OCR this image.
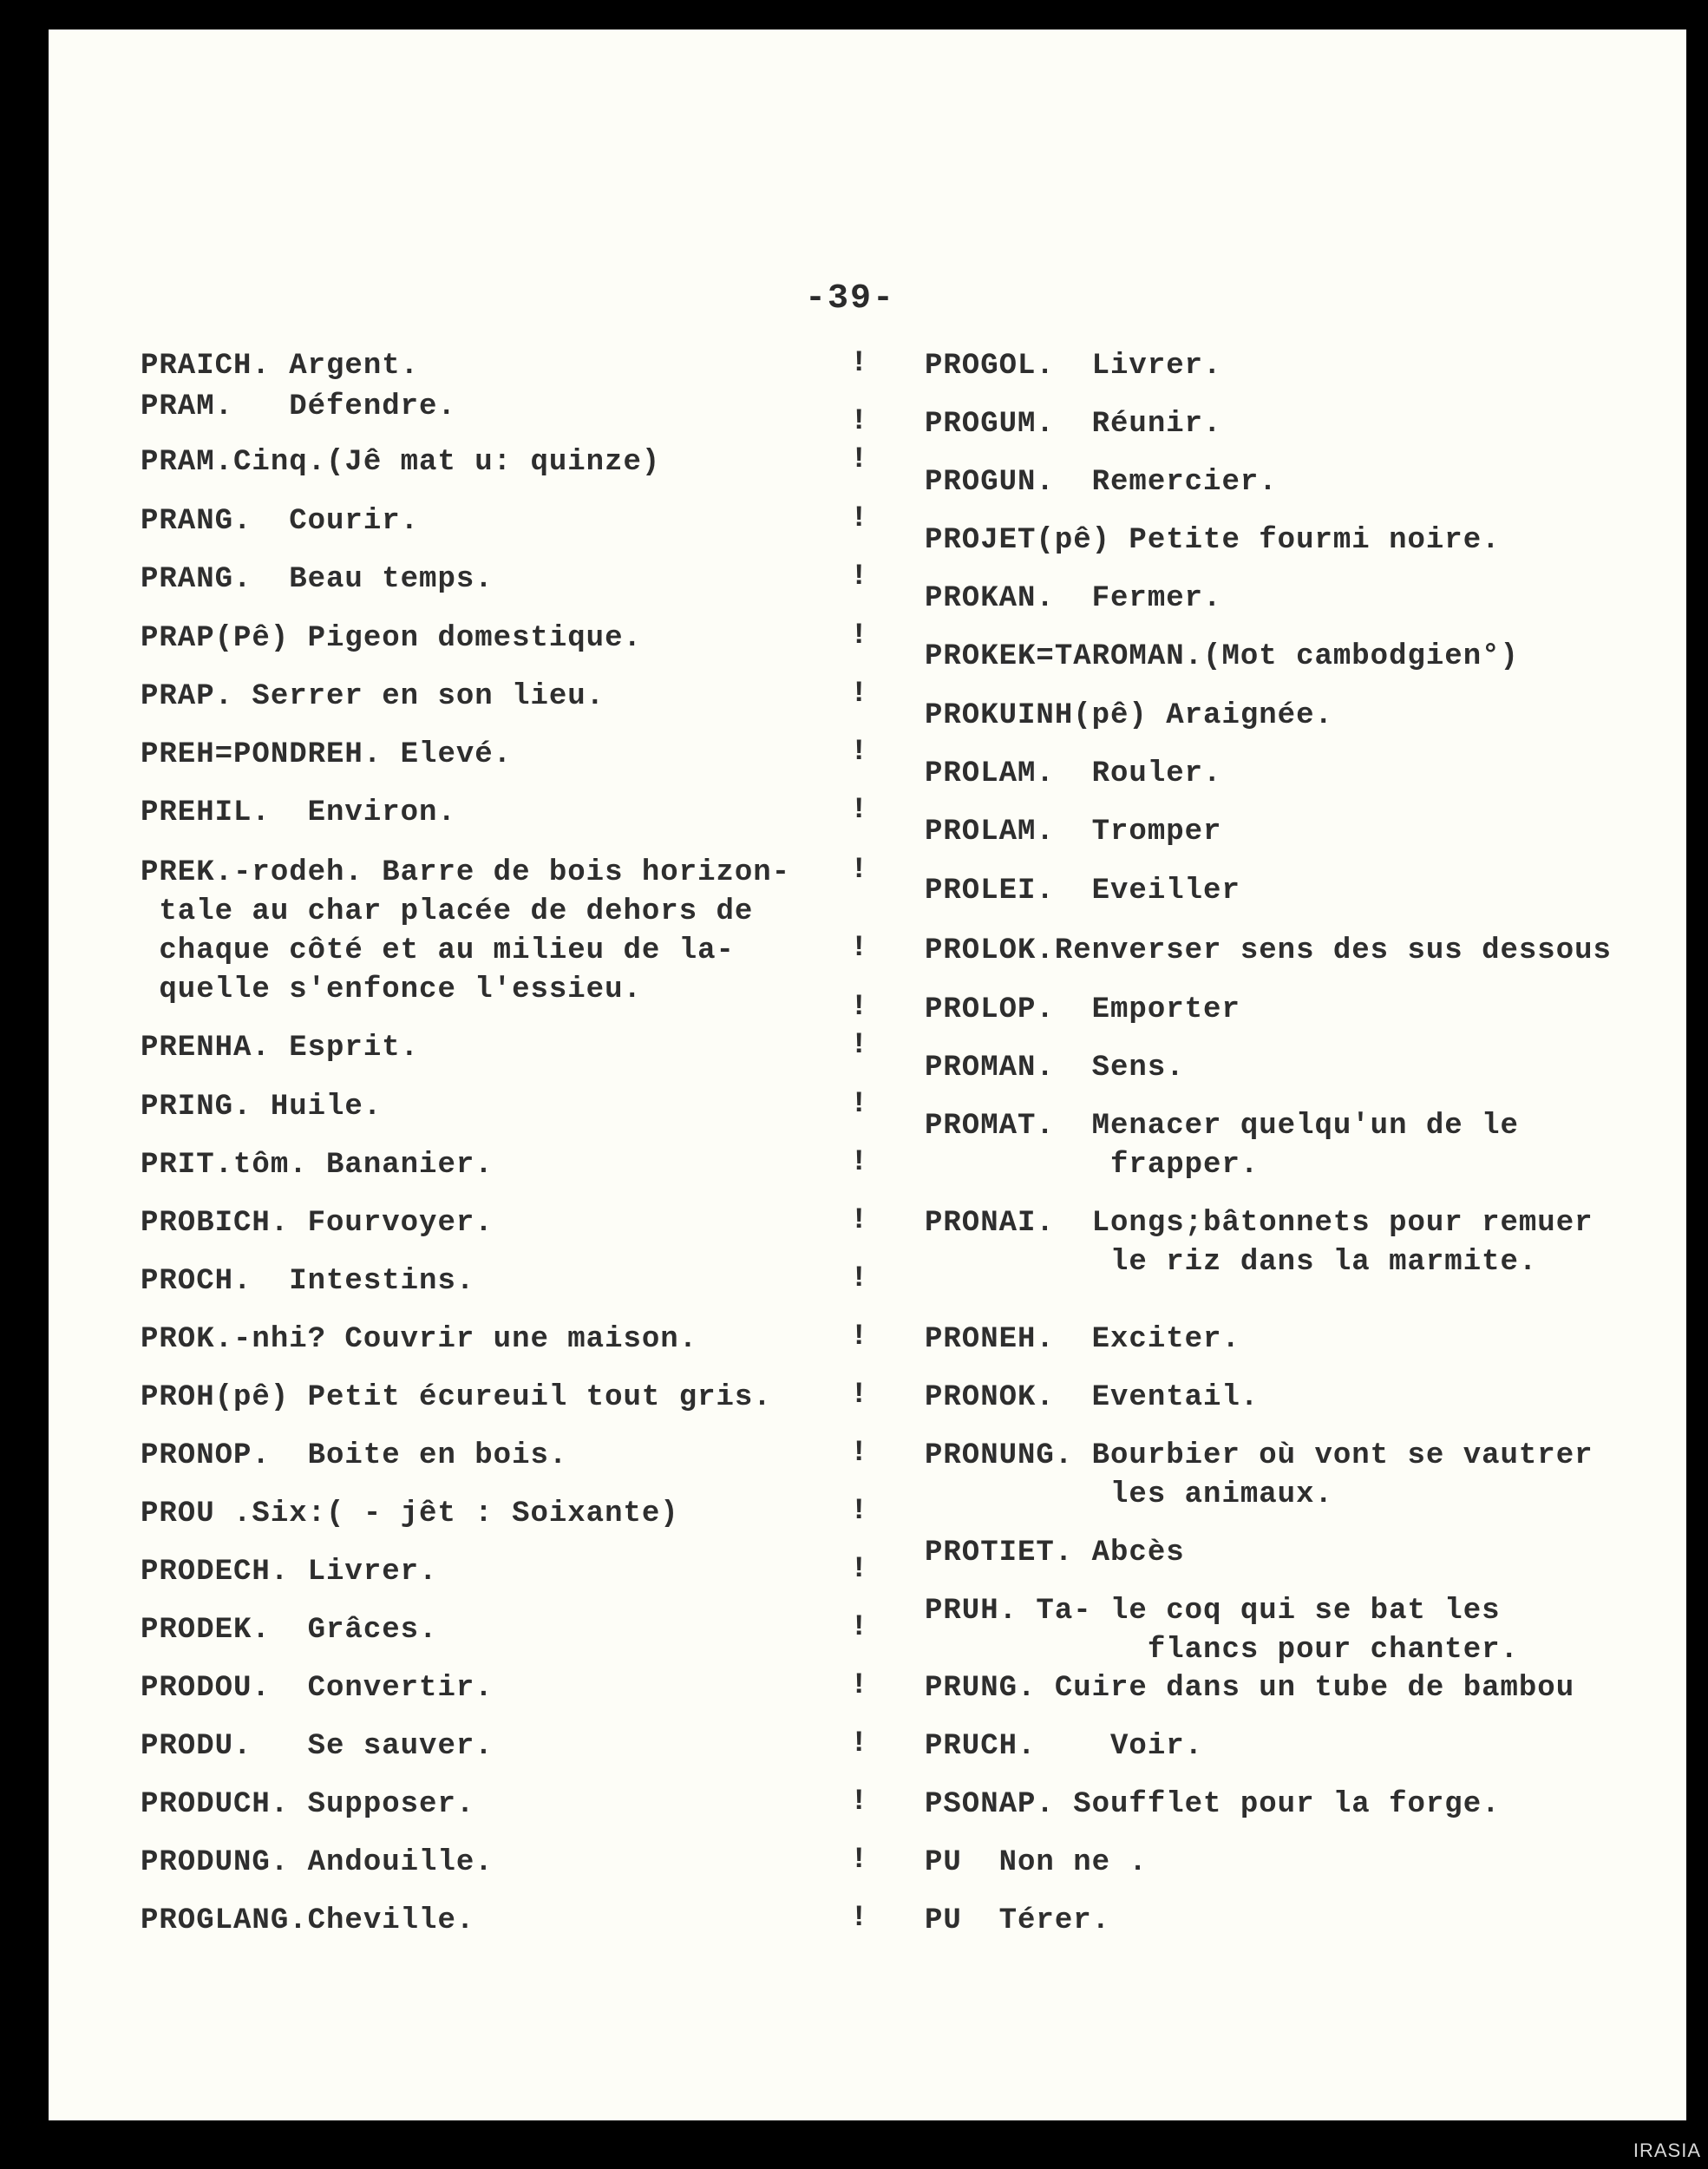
-39-
PRAICH. Argent.
PRAM.   Défendre.
PRAM.Cinq.(Jê mat u: quinze)
PRANG.  Courir.
PRANG.  Beau temps.
PRAP(Pê) Pigeon domestique.
PRAP. Serrer en son lieu.
PREH=PONDREH. Elevé.
PREHIL.  Environ.
PREK.-rodeh. Barre de bois horizon-
tale au char placée de dehors de
chaque côté et au milieu de la-
quelle s'enfonce l'essieu.
PRENHA. Esprit.
PRING. Huile.
PRIT.tôm. Bananier.
PROBICH. Fourvoyer.
PROCH.  Intestins.
PROK.-nhi? Couvrir une maison.
PROH(pê) Petit écureuil tout gris.
PRONOP.  Boite en bois.
PROU .Six:( - jêt : Soixante)
PRODECH. Livrer.
PRODEK.  Grâces.
PRODOU.  Convertir.
PRODU.   Se sauver.
PRODUCH. Supposer.
PRODUNG. Andouille.
PROGLANG.Cheville.
!
!
!
!
!
!
!
!
!
!
!
!
!
!
!
!
!
!
!
!
!
!
!
!
!
!
!
!
PROGOL.  Livrer.
PROGUM.  Réunir.
PROGUN.  Remercier.
PROJET(pê) Petite fourmi noire.
PROKAN.  Fermer.
PROKEK=TAROMAN.(Mot cambodgien°)
PROKUINH(pê) Araignée.
PROLAM.  Rouler.
PROLAM.  Tromper
PROLEI.  Eveiller
PROLOK.Renverser sens des sus dessous
PROLOP.  Emporter
PROMAN.  Sens.
PROMAT.  Menacer quelqu'un de le
frapper.
PRONAI.  Longs;bâtonnets pour remuer
le riz dans la marmite.
PRONEH.  Exciter.
PRONOK.  Eventail.
PRONUNG. Bourbier où vont se vautrer
les animaux.
PROTIET. Abcès
PRUH. Ta- le coq qui se bat les
flancs pour chanter.
PRUNG. Cuire dans un tube de bambou
PRUCH.    Voir.
PSONAP. Soufflet pour la forge.
PU  Non ne .
PU  Térer.
IRASIA
